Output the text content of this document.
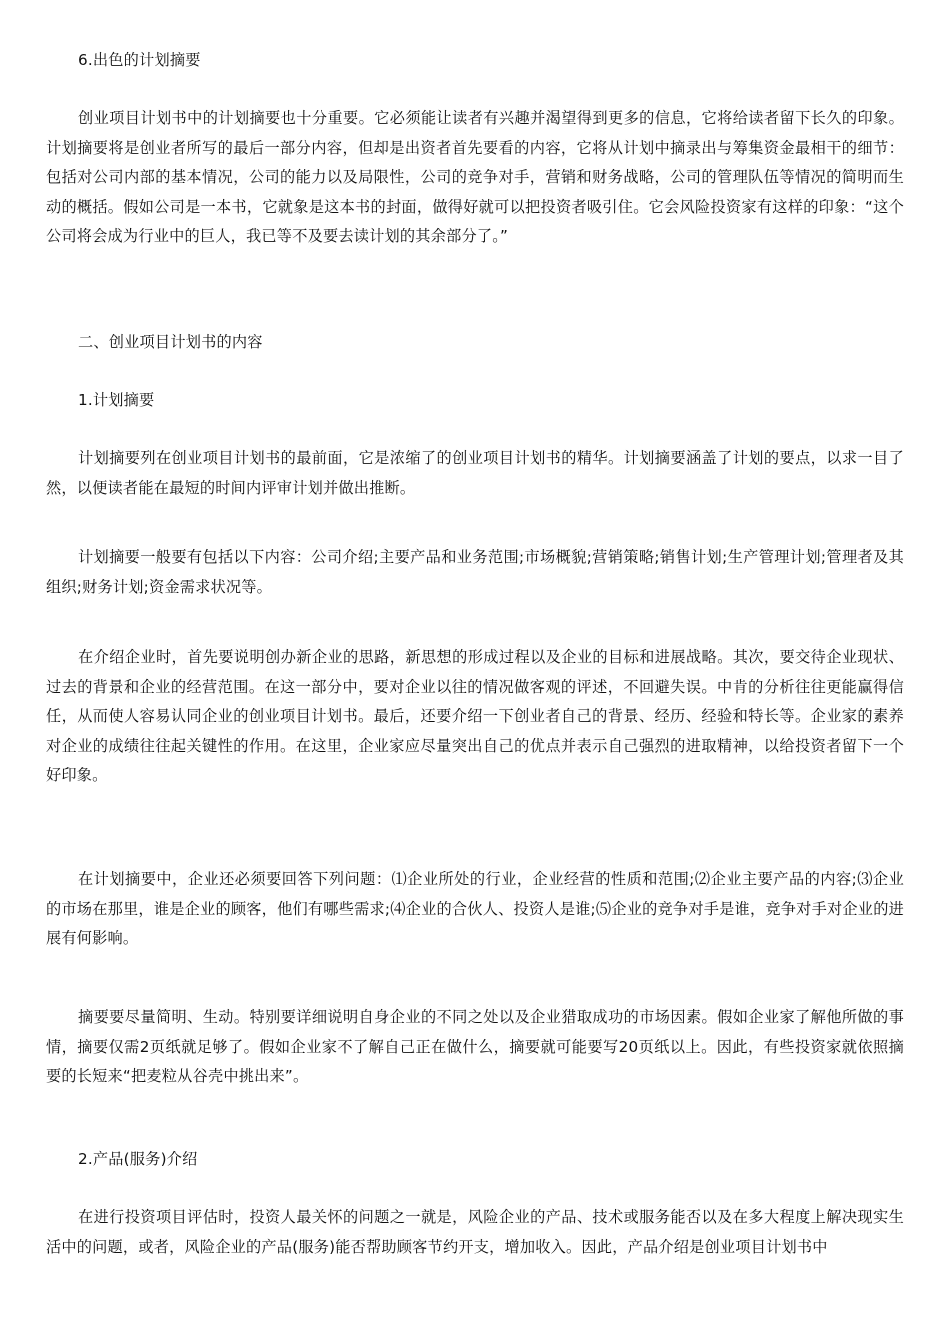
6.出色的计划摘要
创业项目计划书中的计划摘要也十分重要。它必须能让读者有兴趣并渴望得到更多的信息，它将给读者留下长久的印象。计划摘要将是创业者所写的最后一部分内容，但却是出资者首先要看的内容，它将从计划中摘录出与筹集资金最相干的细节：包括对公司内部的基本情况，公司的能力以及局限性，公司的竞争对手，营销和财务战略，公司的管理队伍等情况的简明而生动的概括。假如公司是一本书，它就象是这本书的封面，做得好就可以把投资者吸引住。它会风险投资家有这样的印象：“这个公司将会成为行业中的巨人，我已等不及要去读计划的其余部分了。”
二、创业项目计划书的内容
1.计划摘要
计划摘要列在创业项目计划书的最前面，它是浓缩了的创业项目计划书的精华。计划摘要涵盖了计划的要点，以求一目了然，以便读者能在最短的时间内评审计划并做出推断。
计划摘要一般要有包括以下内容：公司介绍;主要产品和业务范围;市场概貌;营销策略;销售计划;生产管理计划;管理者及其组织;财务计划;资金需求状况等。
在介绍企业时，首先要说明创办新企业的思路，新思想的形成过程以及企业的目标和进展战略。其次，要交待企业现状、过去的背景和企业的经营范围。在这一部分中，要对企业以往的情况做客观的评述，不回避失误。中肯的分析往往更能赢得信任，从而使人容易认同企业的创业项目计划书。最后，还要介绍一下创业者自己的背景、经历、经验和特长等。企业家的素养对企业的成绩往往起关键性的作用。在这里，企业家应尽量突出自己的优点并表示自己强烈的进取精神，以给投资者留下一个好印象。
在计划摘要中，企业还必须要回答下列问题：⑴企业所处的行业，企业经营的性质和范围;⑵企业主要产品的内容;⑶企业的市场在那里，谁是企业的顾客，他们有哪些需求;⑷企业的合伙人、投资人是谁;⑸企业的竞争对手是谁，竞争对手对企业的进展有何影响。
摘要要尽量简明、生动。特别要详细说明自身企业的不同之处以及企业猎取成功的市场因素。假如企业家了解他所做的事情，摘要仅需2页纸就足够了。假如企业家不了解自己正在做什么，摘要就可能要写20页纸以上。因此，有些投资家就依照摘要的长短来“把麦粒从谷壳中挑出来”。
2.产品(服务)介绍
在进行投资项目评估时，投资人最关怀的问题之一就是，风险企业的产品、技术或服务能否以及在多大程度上解决现实生活中的问题，或者，风险企业的产品(服务)能否帮助顾客节约开支，增加收入。因此，产品介绍是创业项目计划书中
